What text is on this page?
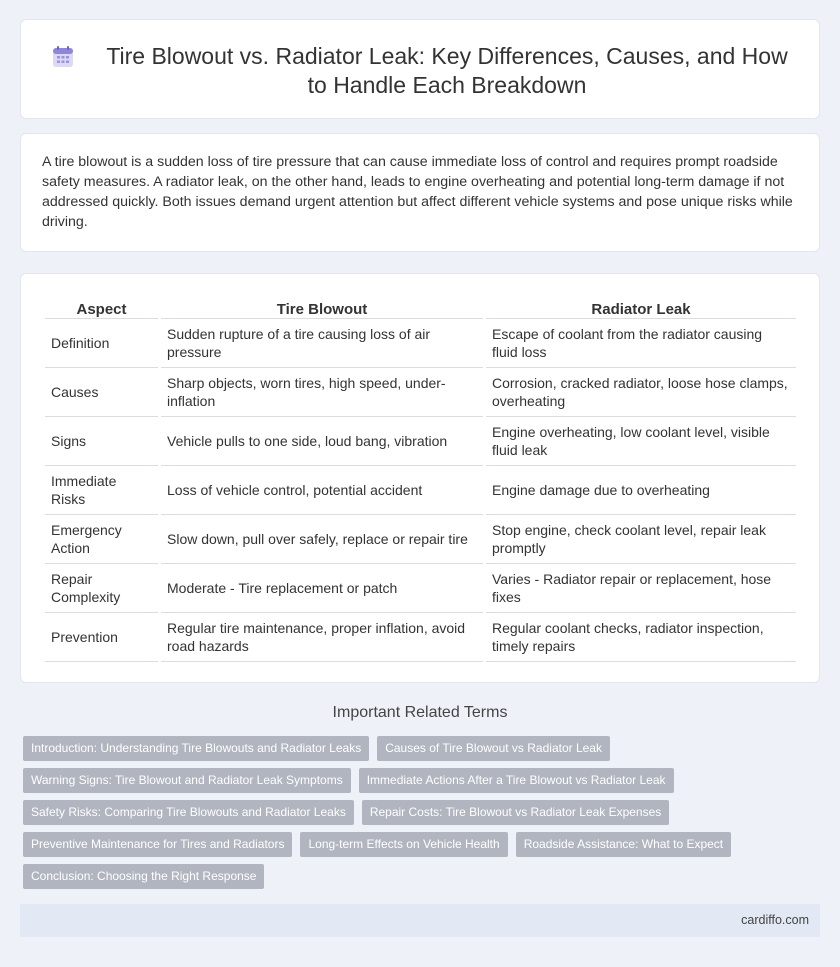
Tire Blowout vs. Radiator Leak: Key Differences, Causes, and How to Handle Each Breakdown

A tire blowout is a sudden loss of tire pressure that can cause immediate loss of control and requires prompt roadside safety measures. A radiator leak, on the other hand, leads to engine overheating and potential long-term damage if not addressed quickly. Both issues demand urgent attention but affect different vehicle systems and pose unique risks while driving.

Aspect	Tire Blowout	Radiator Leak
Definition	Sudden rupture of a tire causing loss of air pressure	Escape of coolant from the radiator causing fluid loss
Causes	Sharp objects, worn tires, high speed, under-inflation	Corrosion, cracked radiator, loose hose clamps, overheating
Signs	Vehicle pulls to one side, loud bang, vibration	Engine overheating, low coolant level, visible fluid leak
Immediate Risks	Loss of vehicle control, potential accident	Engine damage due to overheating
Emergency Action	Slow down, pull over safely, replace or repair tire	Stop engine, check coolant level, repair leak promptly
Repair Complexity	Moderate - Tire replacement or patch	Varies - Radiator repair or replacement, hose fixes
Prevention	Regular tire maintenance, proper inflation, avoid road hazards	Regular coolant checks, radiator inspection, timely repairs
Important Related Terms
Introduction: Understanding Tire Blowouts and Radiator Leaks	Causes of Tire Blowout vs Radiator Leak
Warning Signs: Tire Blowout and Radiator Leak Symptoms	Immediate Actions After a Tire Blowout vs Radiator Leak
Safety Risks: Comparing Tire Blowouts and Radiator Leaks	Repair Costs: Tire Blowout vs Radiator Leak Expenses
Preventive Maintenance for Tires and Radiators	Long-term Effects on Vehicle Health	Roadside Assistance: What to Expect
Conclusion: Choosing the Right Response
cardiffo.com
